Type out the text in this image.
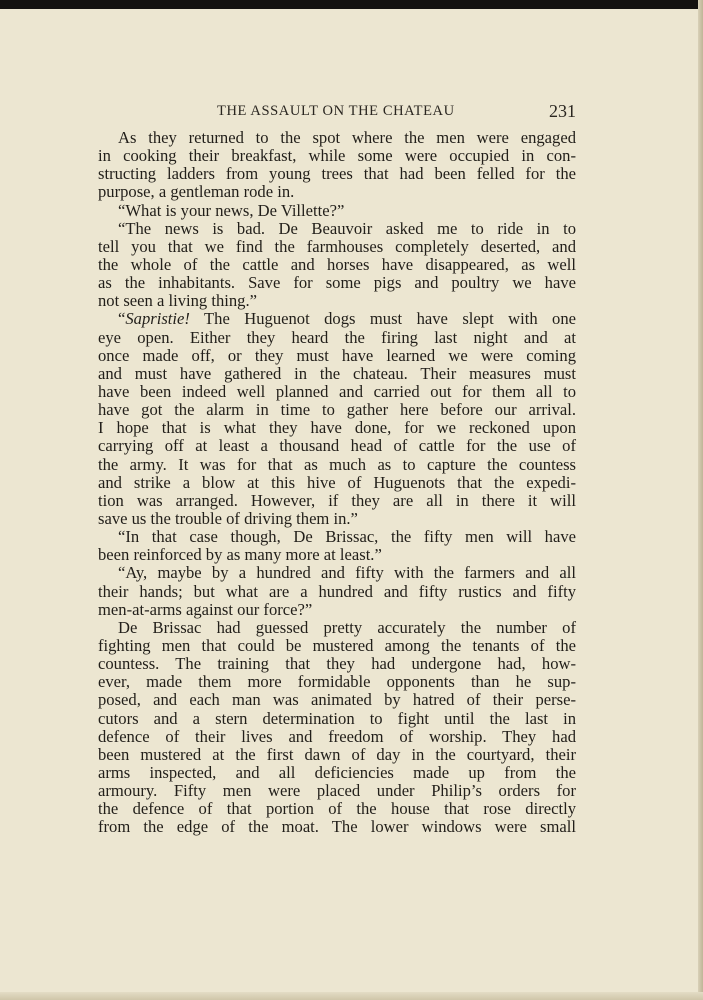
THE ASSAULT ON THE CHATEAU	231
As they returned to the spot where the men were engaged
in cooking their breakfast, while some were occupied in con-
structing ladders from young trees that had been felled for the
purpose, a gentleman rode in.
“What is your news, De Villette?”
“The news is bad. De Beauvoir asked me to ride in to
tell you that we find the farmhouses completely deserted, and
the whole of the cattle and horses have disappeared, as well
as the inhabitants. Save for some pigs and poultry we have
not seen a living thing.”
“Sapristie! The Huguenot dogs must have slept with one
eye open. Either they heard the firing last night and at
once made off, or they must have learned we were coming
and must have gathered in the chateau. Their measures must
have been indeed well planned and carried out for them all to
have got the alarm in time to gather here before our arrival.
I hope that is what they have done, for we reckoned upon
carrying off at least a thousand head of cattle for the use of
the army. It was for that as much as to capture the countess
and strike a blow at this hive of Huguenots that the expedi-
tion was arranged. However, if they are all in there it will
save us the trouble of driving them in.”
“In that case though, De Brissac, the fifty men will have
been reinforced by as many more at least.”
“Ay, maybe by a hundred and fifty with the farmers and all
their hands; but what are a hundred and fifty rustics and fifty
men-at-arms against our force?”
De Brissac had guessed pretty accurately the number of
fighting men that could be mustered among the tenants of the
countess. The training that they had undergone had, how-
ever, made them more formidable opponents than he sup-
posed, and each man was animated by hatred of their perse-
cutors and a stern determination to fight until the last in
defence of their lives and freedom of worship. They had
been mustered at the first dawn of day in the courtyard, their
arms inspected, and all deficiencies made up from the
armoury. Fifty men were placed under Philip’s orders for
the defence of that portion of the house that rose directly
from the edge of the moat. The lower windows were small
